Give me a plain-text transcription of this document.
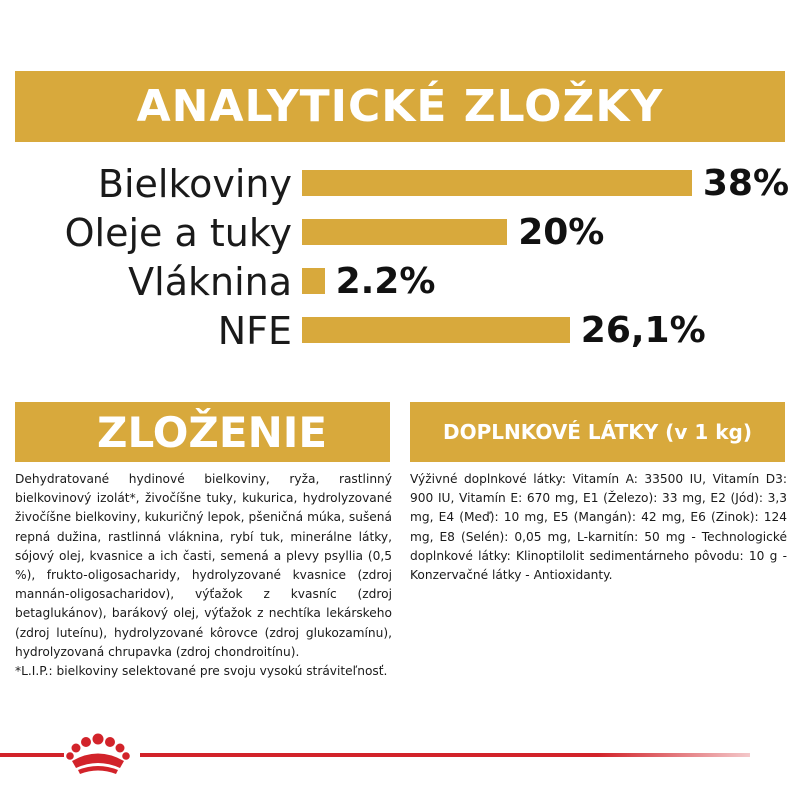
ANALYTICKÉ ZLOŽKY
Bielkoviny	38%
Oleje a tuky	20%
Vláknina 2.2%
NFE	26,1%
ZLOŽENIE	DOPLNKOVÉ LÁTKY (v 1 kg)

Dehydratované hydinové bielkoviny, ryža, rastlinný bielkovinový izolát*, živočíšne tuky, kukurica, hydrolyzované živočíšne bielkoviny, kukuričný lepok, pšeničná múka, sušená repná dužina, rastlinná vláknina, rybí tuk, minerálne látky, sójový olej, kvasnice a ich časti, semená a plevy psyllia (0,5 %), frukto-oligosacharidy, hydrolyzované kvasnice (zdroj mannán-oligosacharidov), výťažok z kvasníc (zdroj betaglukánov), barákový olej, výťažok z nechtíka lekárskeho (zdroj luteínu), hydrolyzované kôrovce (zdroj glukozamínu), hydrolyzovaná chrupavka (zdroj chondroitínu).

*L.I.P.: bielkoviny selektované pre svoju vysokú stráviteľnosť.

Výživné doplnkové látky: Vitamín A: 33500 IU, Vitamín D3: 900 IU, Vitamín E: 670 mg, E1 (Železo): 33 mg, E2 (Jód): 3,3 mg, E4 (Meď): 10 mg, E5 (Mangán): 42 mg, E6 (Zinok): 124 mg, E8 (Selén): 0,05 mg, L-karnitín: 50 mg - Technologické doplnkové látky: Klinoptilolit sedimentárneho pôvodu: 10 g - Konzervačné látky - Antioxidanty.
